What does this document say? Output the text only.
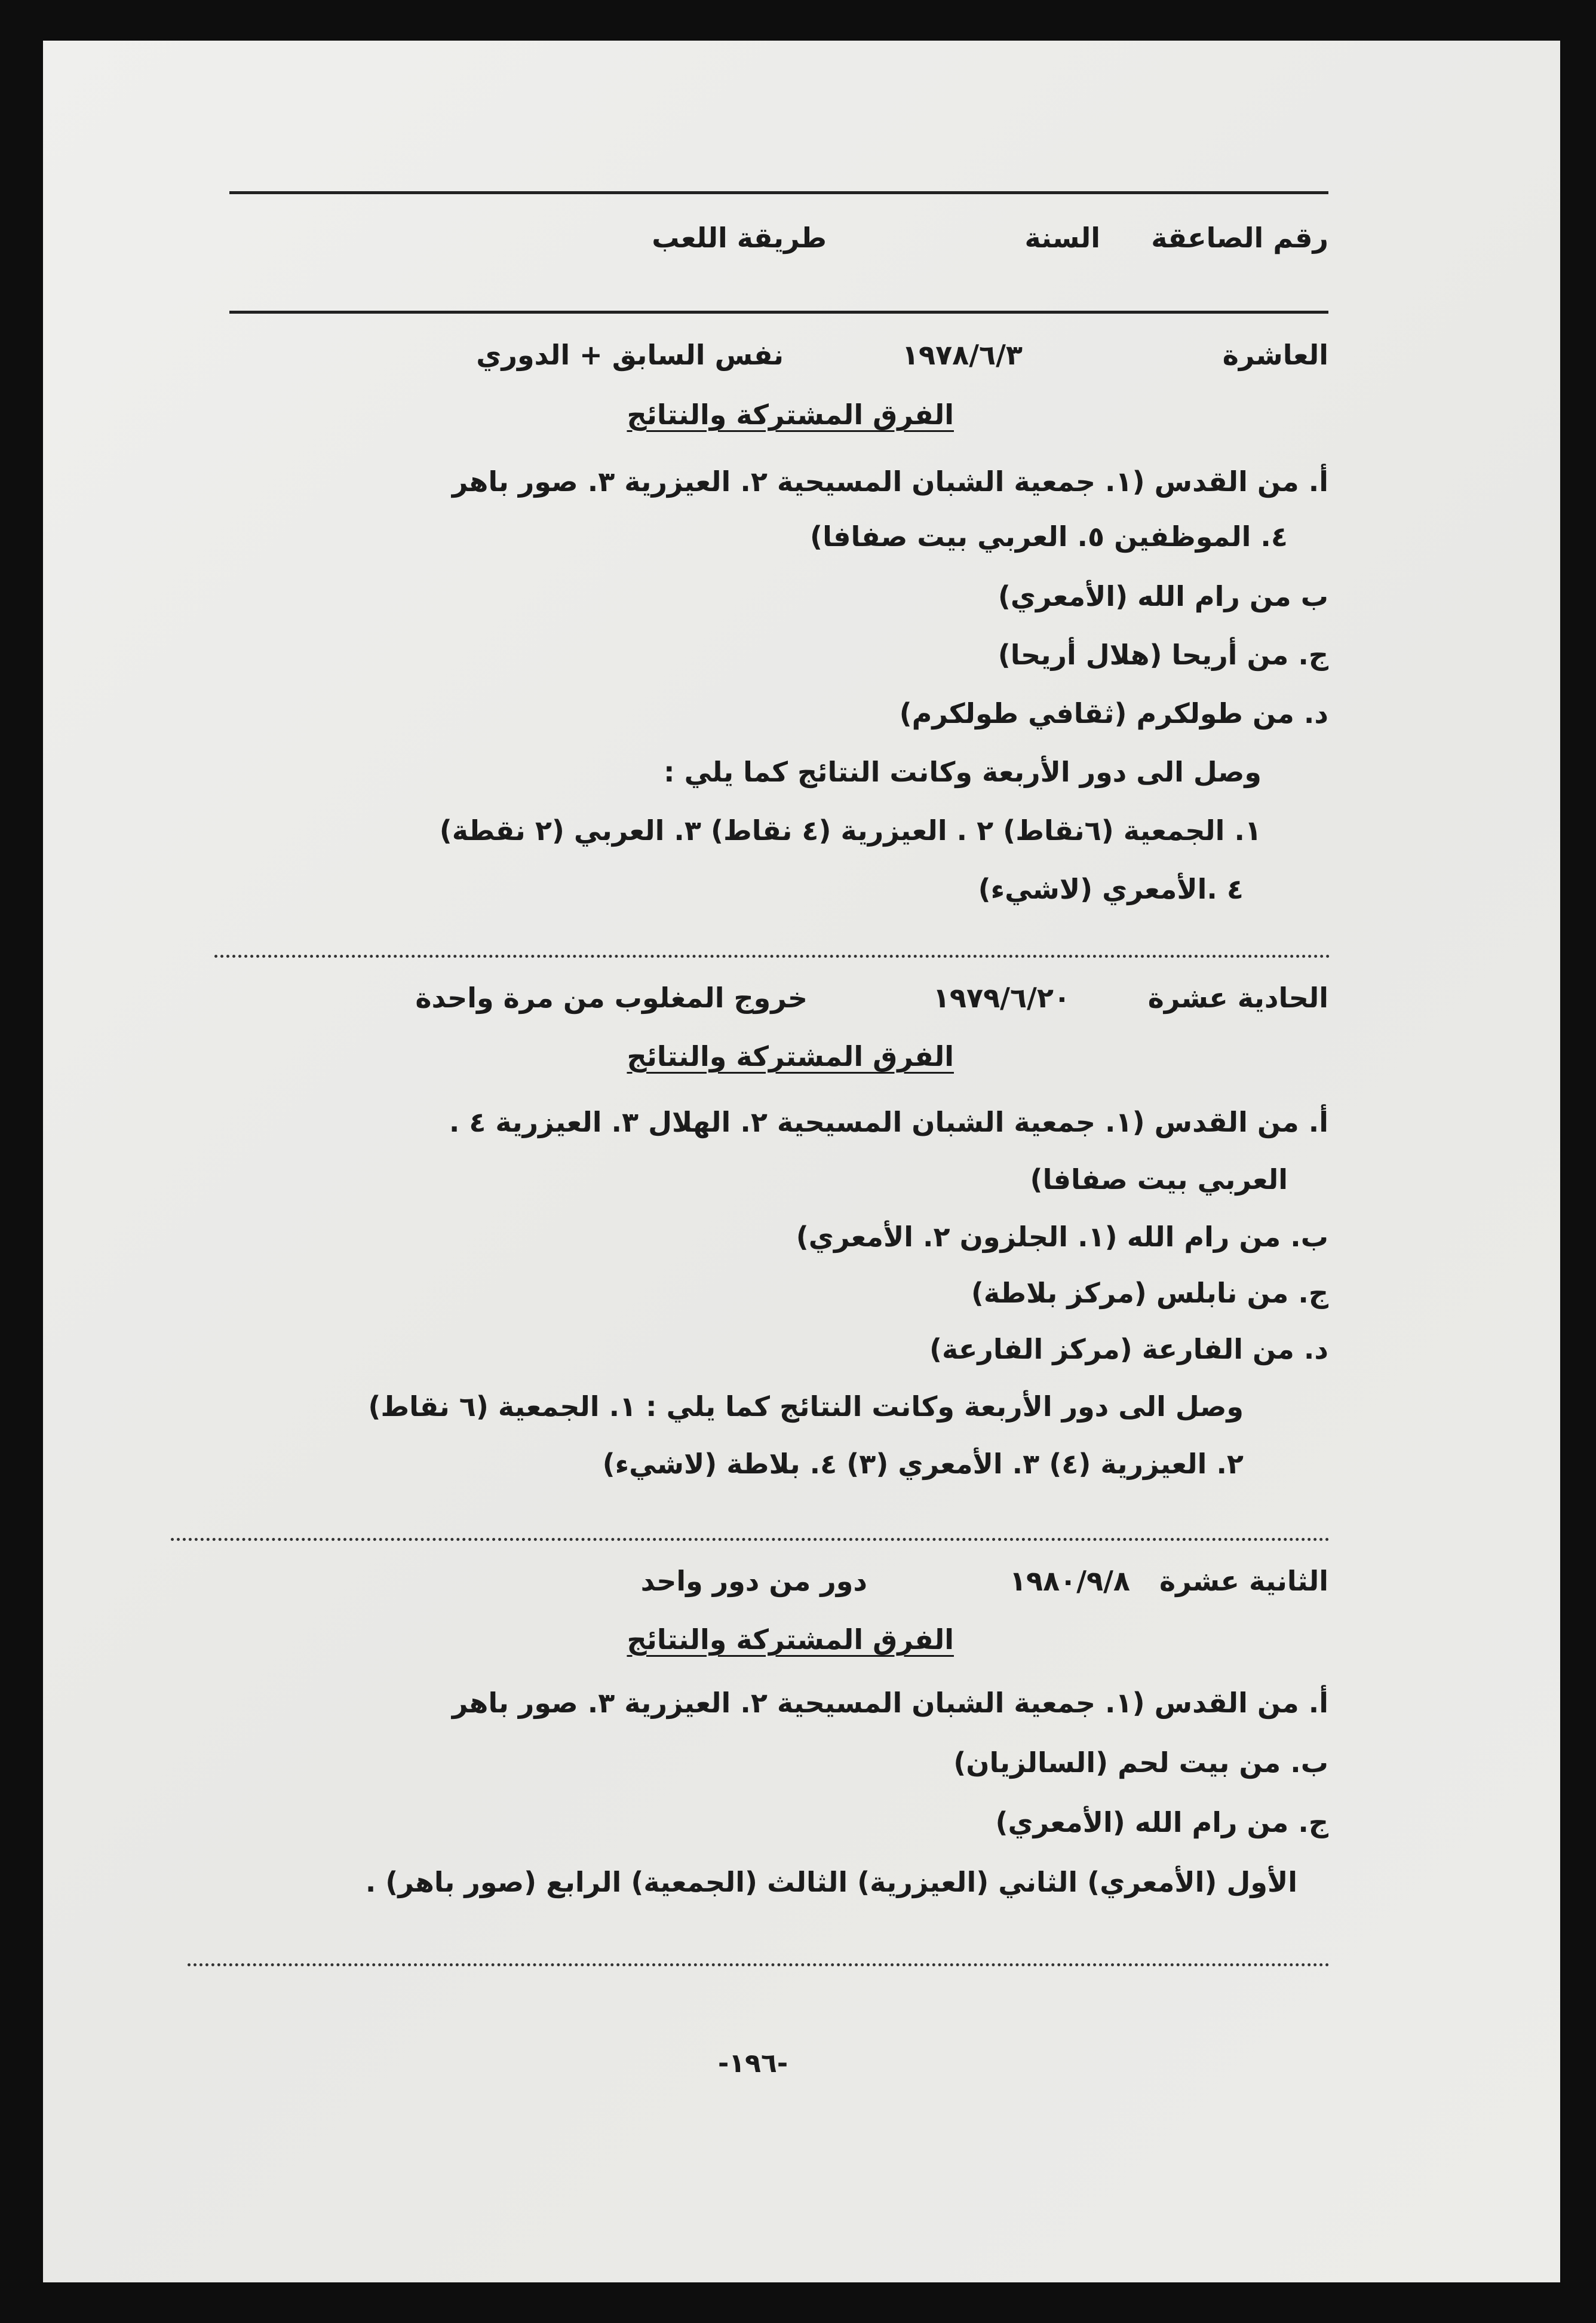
رقم الصاعقة
السنة
طريقة اللعب
العاشرة
١٩٧٨/٦/٣
نفس السابق + الدوري
الفرق المشتركة والنتائج
أ. من القدس (١. جمعية الشبان المسيحية ٢. العيزرية ٣. صور باهر
٤. الموظفين ٥. العربي بيت صفافا)
ب من رام الله (الأمعري)
ج. من أريحا (هلال أريحا)
د. من طولكرم (ثقافي طولكرم)
وصل الى دور الأربعة وكانت النتائج كما يلي :
١. الجمعية (٦نقاط) ٢ . العيزرية (٤ نقاط) ٣. العربي (٢ نقطة)
٤ .الأمعري (لاشيء)
الحادية عشرة
١٩٧٩/٦/٢٠
خروج المغلوب من مرة واحدة
الفرق المشتركة والنتائج
أ. من القدس (١. جمعية الشبان المسيحية ٢. الهلال ٣. العيزرية ٤ .
العربي بيت صفافا)
ب. من رام الله (١. الجلزون ٢. الأمعري)
ج. من نابلس (مركز بلاطة)
د. من الفارعة (مركز الفارعة)
وصل الى دور الأربعة وكانت النتائج كما يلي : ١. الجمعية (٦ نقاط)
٢. العيزرية (٤) ٣. الأمعري (٣) ٤. بلاطة (لاشيء)
الثانية عشرة
١٩٨٠/٩/٨
دور من دور واحد
الفرق المشتركة والنتائج
أ. من القدس (١. جمعية الشبان المسيحية ٢. العيزرية ٣. صور باهر
ب. من بيت لحم (السالزيان)
ج. من رام الله (الأمعري)
الأول (الأمعري) الثاني (العيزرية) الثالث (الجمعية) الرابع (صور باهر) .
-١٩٦-
